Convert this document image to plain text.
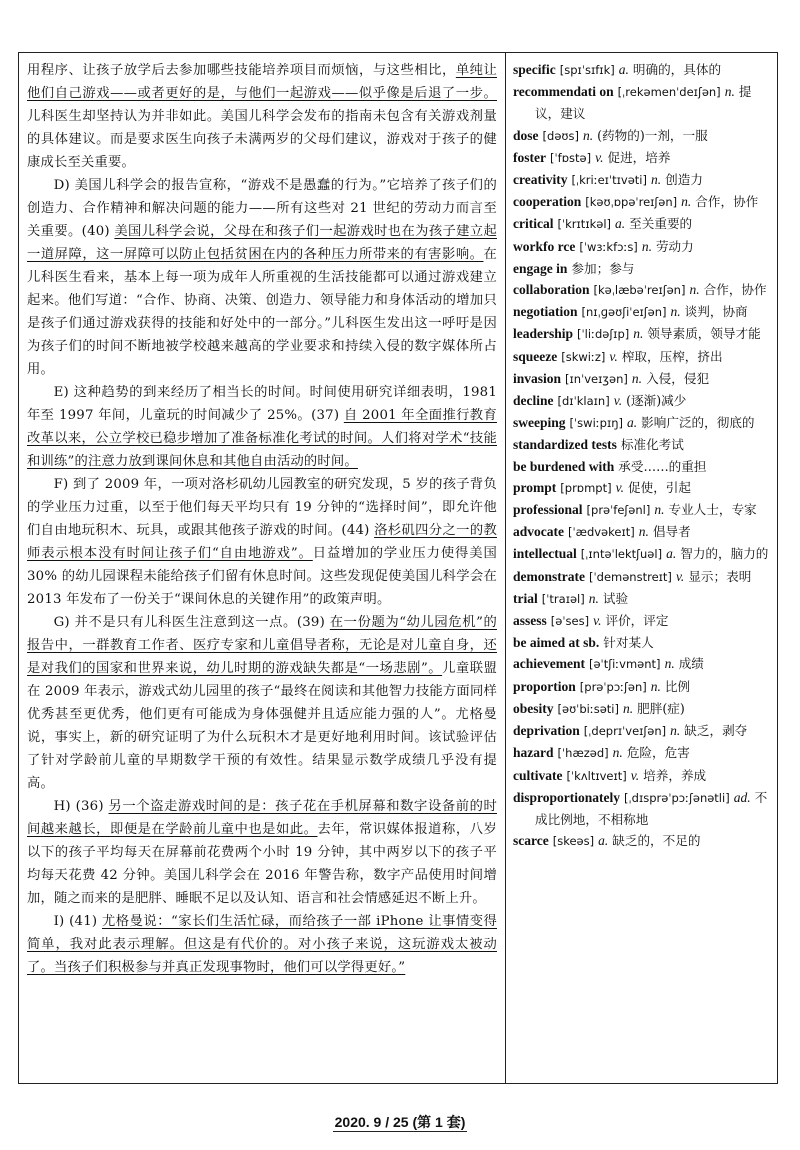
用程序、让孩子放学后去参加哪些技能培养项目而烦恼，与这些相比，单纯让他们自己游戏——或者更好的是，与他们一起游戏——似乎像是后退了一步。儿科医生却坚持认为并非如此。美国儿科学会发布的指南未包含有关游戏剂量的具体建议。而是要求医生向孩子未满两岁的父母们建议，游戏对于孩子的健康成长至关重要。

D) 美国儿科学会的报告宣称，“游戏不是愚蠢的行为。”它培养了孩子们的创造力、合作精神和解决问题的能力——所有这些对 21 世纪的劳动力而言至关重要。(40) 美国儿科学会说，父母在和孩子们一起游戏时也在为孩子建立起一道屏障，这一屏障可以防止包括贫困在内的各种压力所带来的有害影响。在儿科医生看来，基本上每一项为成年人所重视的生活技能都可以通过游戏建立起来。他们写道：“合作、协商、决策、创造力、领导能力和身体活动的增加只是孩子们通过游戏获得的技能和好处中的一部分。”儿科医生发出这一呼吁是因为孩子们的时间不断地被学校越来越高的学业要求和持续入侵的数字媒体所占用。

E) 这种趋势的到来经历了相当长的时间。时间使用研究详细表明，1981 年至 1997 年间，儿童玩的时间减少了 25%。(37) 自 2001 年全面推行教育改革以来，公立学校已稳步增加了准备标准化考试的时间。人们将对学术“技能和训练”的注意力放到课间休息和其他自由活动的时间。

F) 到了 2009 年，一项对洛杉矶幼儿园教室的研究发现，5 岁的孩子背负的学业压力过重，以至于他们每天平均只有 19 分钟的“选择时间”，即允许他们自由地玩积木、玩具，或跟其他孩子游戏的时间。(44) 洛杉矶四分之一的教师表示根本没有时间让孩子们“自由地游戏”。日益增加的学业压力使得美国 30% 的幼儿园课程未能给孩子们留有休息时间。这些发现促使美国儿科学会在 2013 年发布了一份关于“课间休息的关键作用”的政策声明。

G) 并不是只有儿科医生注意到这一点。(39) 在一份题为“幼儿园危机”的报告中，一群教育工作者、医疗专家和儿童倡导者称，无论是对儿童自身，还是对我们的国家和世界来说，幼儿时期的游戏缺失都是“一场悲剧”。儿童联盟在 2009 年表示，游戏式幼儿园里的孩子“最终在阅读和其他智力技能方面同样优秀甚至更优秀，他们更有可能成为身体强健并且适应能力强的人”。尤格曼说，事实上，新的研究证明了为什么玩积木才是更好地利用时间。该试验评估了针对学龄前儿童的早期数学干预的有效性。结果显示数学成绩几乎没有提高。

H) (36) 另一个盗走游戏时间的是：孩子花在手机屏幕和数字设备前的时间越来越长，即便是在学龄前儿童中也是如此。去年，常识媒体报道称，八岁以下的孩子平均每天在屏幕前花费两个小时 19 分钟，其中两岁以下的孩子平均每天花费 42 分钟。美国儿科学会在 2016 年警告称，数字产品使用时间增加，随之而来的是肥胖、睡眠不足以及认知、语言和社会情感延迟不断上升。

I) (41) 尤格曼说：“家长们生活忙碌，而给孩子一部 iPhone 让事情变得简单，我对此表示理解。但这是有代价的。对小孩子来说，这玩游戏太被动了。当孩子们积极参与并真正发现事物时，他们可以学得更好。”

specific [spɪˈsɪfɪk] a. 明确的，具体的

recommendati on [ˌrekəmenˈdeɪʃən] n. 提议，建议

dose [dəʊs] n. (药物的)一剂，一服

foster [ˈfɒstə] v. 促进，培养

creativity [ˌkriːeɪˈtɪvəti] n. 创造力

cooperation [kəʊˌɒpəˈreɪʃən] n. 合作，协作

critical [ˈkrɪtɪkəl] a. 至关重要的

workfo rce [ˈwɜːkfɔːs] n. 劳动力

engage in 参加；参与

collaboration [kəˌlæbəˈreɪʃən] n. 合作，协作

negotiation [nɪˌɡəʊʃiˈeɪʃən] n. 谈判，协商

leadership [ˈliːdəʃɪp] n. 领导素质，领导才能

squeeze [skwiːz] v. 榨取，压榨，挤出

invasion [ɪnˈveɪʒən] n. 入侵，侵犯

decline [dɪˈklaɪn] v. (逐渐)减少

sweeping [ˈswiːpɪŋ] a. 影响广泛的，彻底的

standardized tests 标准化考试

be burdened with 承受……的重担

prompt [prɒmpt] v. 促使，引起

professional [prəˈfeʃənl] n. 专业人士，专家

advocate [ˈædvəkeɪt] n. 倡导者

intellectual [ˌɪntəˈlektʃuəl] a. 智力的，脑力的

demonstrate [ˈdemənstreɪt] v. 显示；表明

trial [ˈtraɪəl] n. 试验

assess [əˈses] v. 评价，评定

be aimed at sb. 针对某人

achievement [əˈtʃiːvmənt] n. 成绩

proportion [prəˈpɔːʃən] n. 比例

obesity [əʊˈbiːsəti] n. 肥胖(症)

deprivation [ˌdeprɪˈveɪʃən] n. 缺乏，剥夺

hazard [ˈhæzəd] n. 危险，危害

cultivate [ˈkʌltɪveɪt] v. 培养，养成

disproportionately [ˌdɪsprəˈpɔːʃənətli] ad. 不成比例地，不相称地

scarce [skeəs] a. 缺乏的，不足的

2020. 9 / 25 (第 1 套)
